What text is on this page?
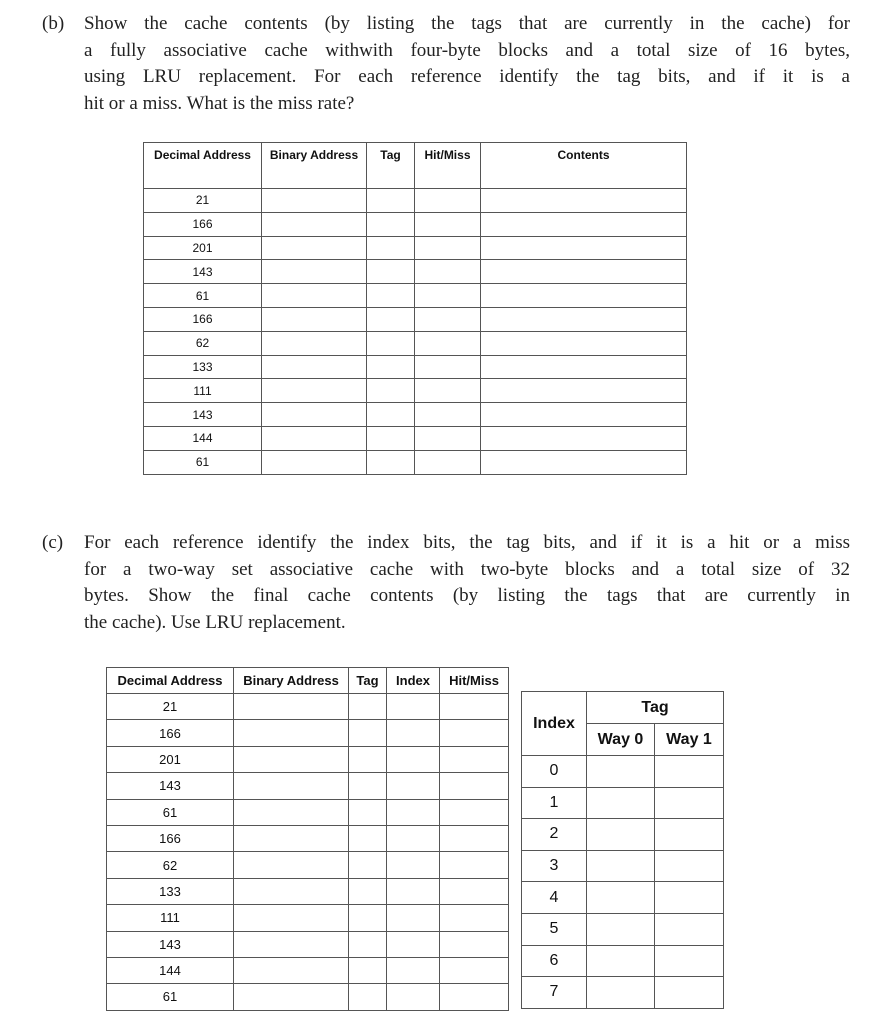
(b) Show the cache contents (by listing the tags that are currently in the cache) for
a fully associative cache withwith four-byte blocks and a total size of 16 bytes,
using LRU replacement. For each reference identify the tag bits, and if it is a
hit or a miss. What is the miss rate?
Decimal Address	Binary Address	Tag	Hit/Miss	Contents
21				
166				
201				
143				
61				
166				
62				
133				
111				
143				
144				
61				
(c) For each reference identify the index bits, the tag bits, and if it is a hit or a miss
for a two-way set associative cache with two-byte blocks and a total size of 32
bytes. Show the final cache contents (by listing the tags that are currently in
the cache). Use LRU replacement.
Decimal Address	Binary Address	Tag	Index	Hit/Miss
21				
166				
201				
143				
61				
166				
62				
133				
111				
143				
144				
61				
Index	Tag	
	Way 0	Way 1
0		
1		
2		
3		
4		
5		
6		
7		
